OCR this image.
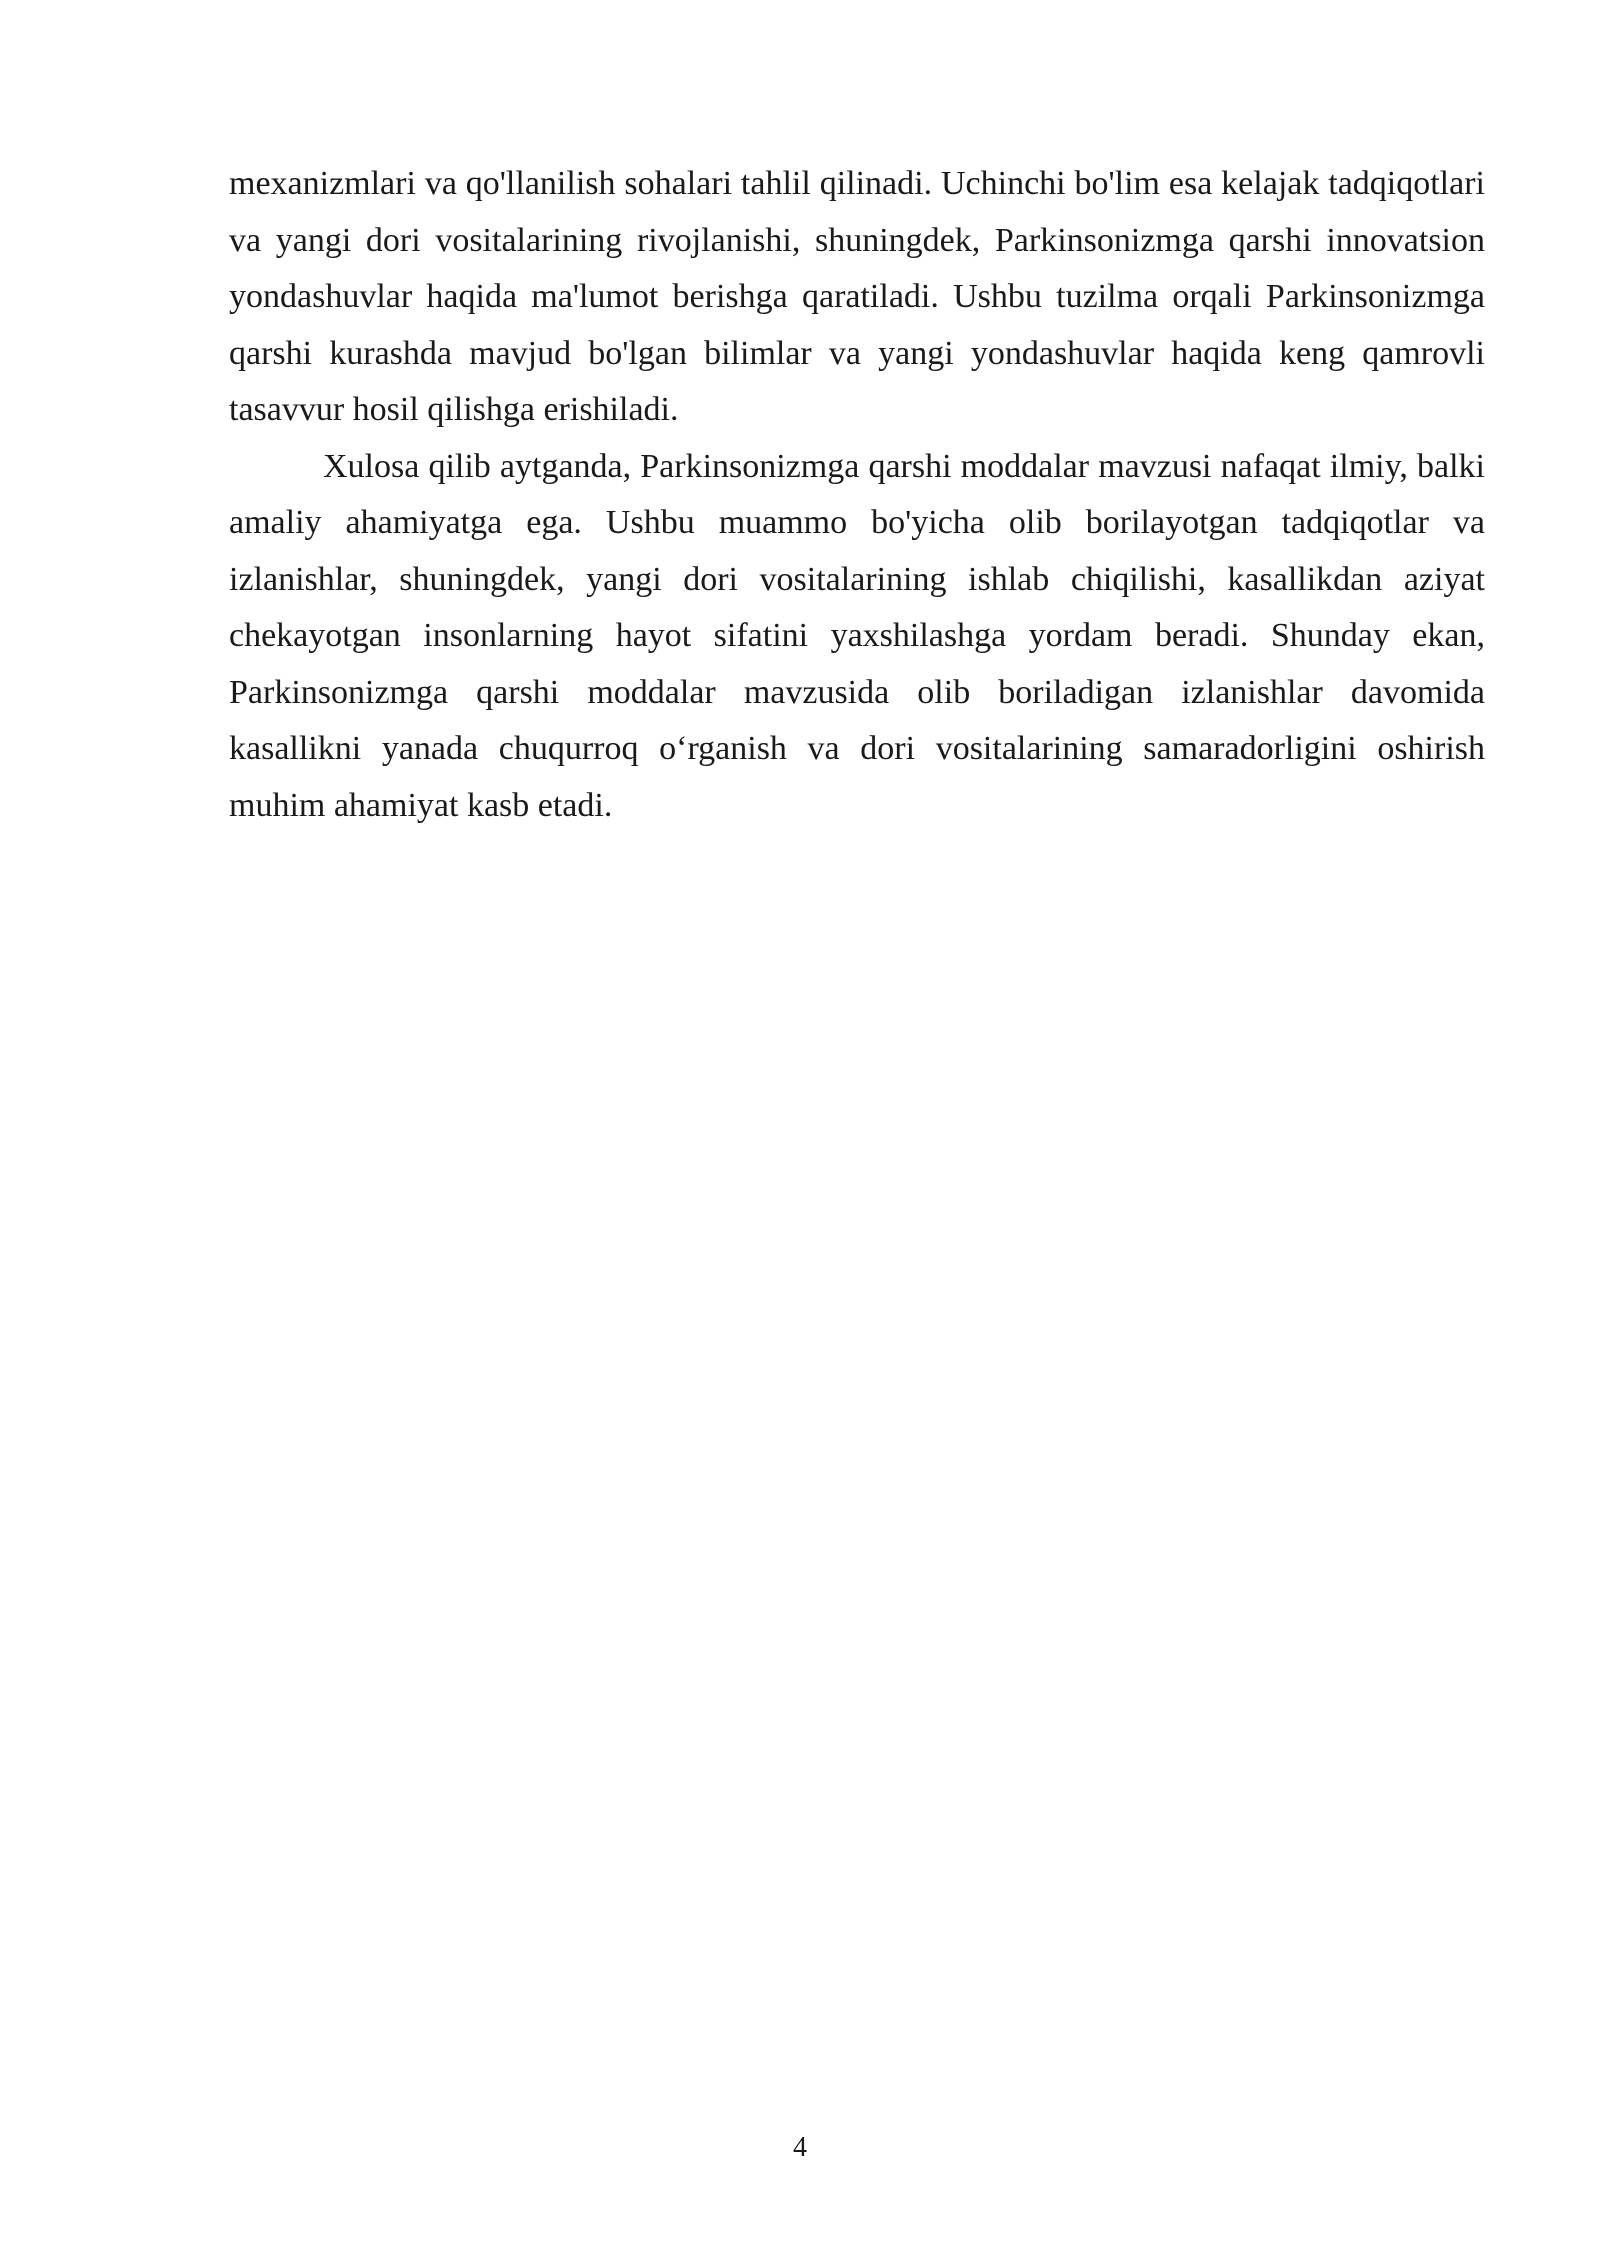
mexanizmlari va qo'llanilish sohalari tahlil qilinadi. Uchinchi bo'lim esa kelajak tadqiqotlari va yangi dori vositalarining rivojlanishi, shuningdek, Parkinsonizmga qarshi innovatsion yondashuvlar haqida ma'lumot berishga qaratiladi. Ushbu tuzilma orqali Parkinsonizmga qarshi kurashda mavjud bo'lgan bilimlar va yangi yondashuvlar haqida keng qamrovli tasavvur hosil qilishga erishiladi.

Xulosa qilib aytganda, Parkinsonizmga qarshi moddalar mavzusi nafaqat ilmiy, balki amaliy ahamiyatga ega. Ushbu muammo bo'yicha olib borilayotgan tadqiqotlar va izlanishlar, shuningdek, yangi dori vositalarining ishlab chiqilishi, kasallikdan aziyat chekayotgan insonlarning hayot sifatini yaxshilashga yordam beradi. Shunday ekan, Parkinsonizmga qarshi moddalar mavzusida olib boriladigan izlanishlar davomida kasallikni yanada chuqurroq oʻrganish va dori vositalarining samaradorligini oshirish muhim ahamiyat kasb etadi.

4
